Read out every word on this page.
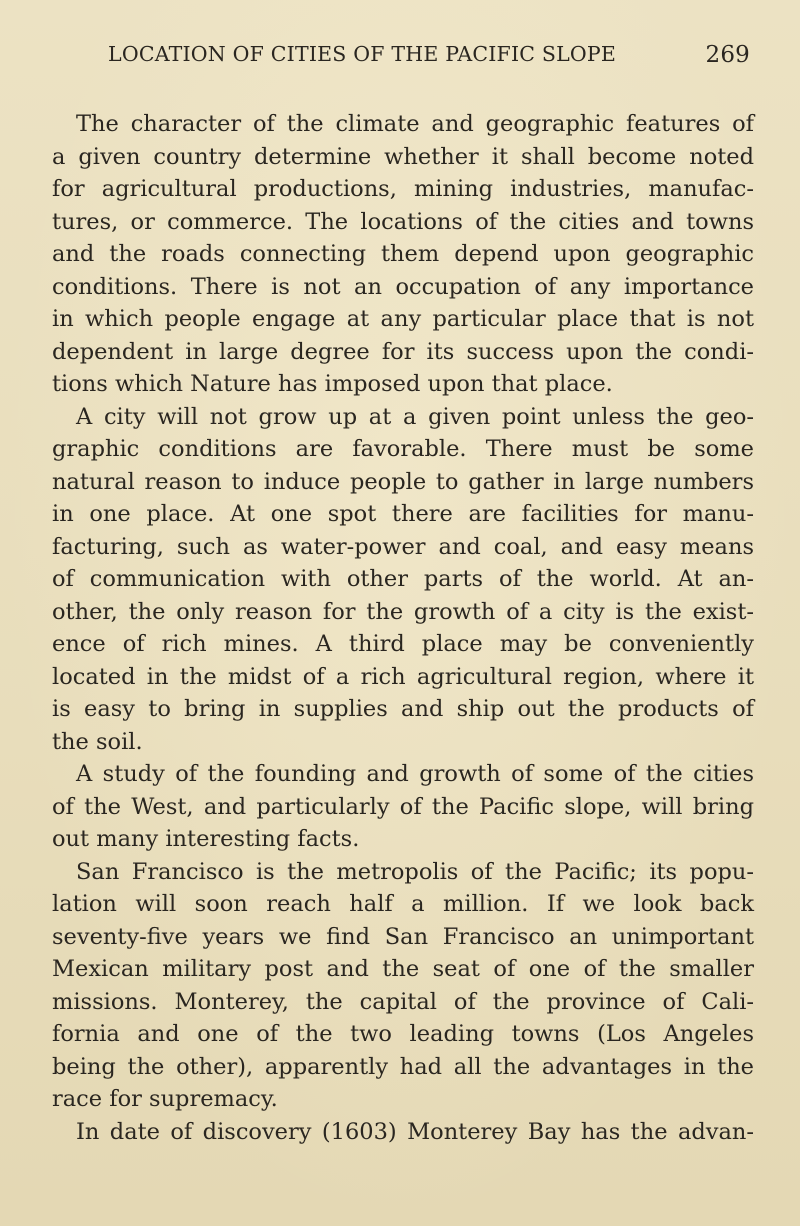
LOCATION OF CITIES OF THE PACIFIC SLOPE	269
The character of the climate and geographic features of
a given country determine whether it shall become noted
for agricultural productions, mining industries, manufac-
tures, or commerce. The locations of the cities and towns
and the roads connecting them depend upon geographic
conditions. There is not an occupation of any importance
in which people engage at any particular place that is not
dependent in large degree for its success upon the condi-
tions which Nature has imposed upon that place.
A city will not grow up at a given point unless the geo-
graphic conditions are favorable. There must be some
natural reason to induce people to gather in large numbers
in one place. At one spot there are facilities for manu-
facturing, such as water-power and coal, and easy means
of communication with other parts of the world. At an-
other, the only reason for the growth of a city is the exist-
ence of rich mines. A third place may be conveniently
located in the midst of a rich agricultural region, where it
is easy to bring in supplies and ship out the products of
the soil.
A study of the founding and growth of some of the cities
of the West, and particularly of the Pacific slope, will bring
out many interesting facts.
San Francisco is the metropolis of the Pacific; its popu-
lation will soon reach half a million. If we look back
seventy-five years we find San Francisco an unimportant
Mexican military post and the seat of one of the smaller
missions. Monterey, the capital of the province of Cali-
fornia and one of the two leading towns (Los Angeles
being the other), apparently had all the advantages in the
race for supremacy.
In date of discovery (1603) Monterey Bay has the advan-
